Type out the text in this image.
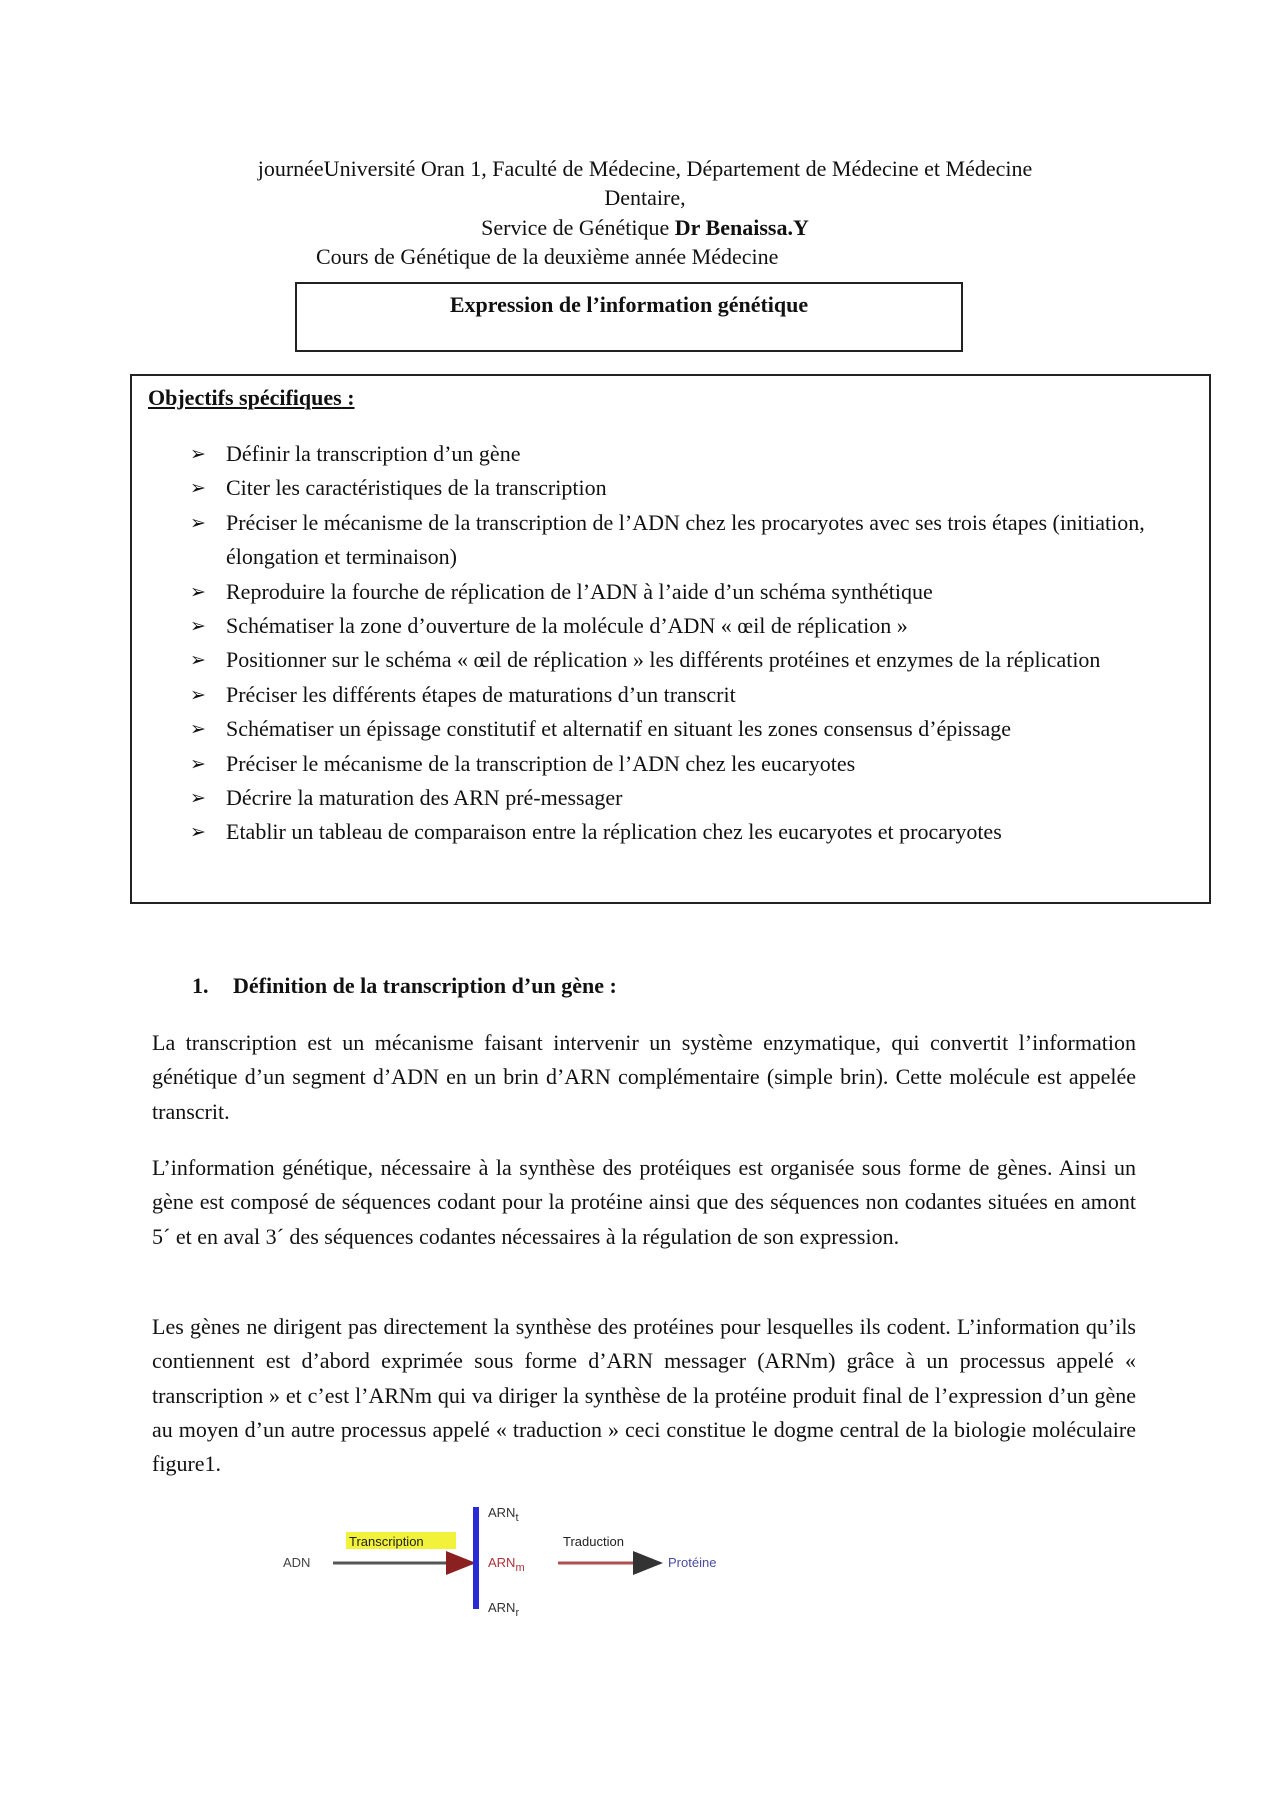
journéeUniversité Oran 1, Faculté de Médecine, Département de Médecine et Médecine
Dentaire,
Service de Génétique Dr Benaissa.Y
Cours de Génétique de la deuxième année Médecine
Expression de l’information génétique
Objectifs spécifiques :
➢ Définir la transcription d’un gène
➢ Citer les caractéristiques de la transcription
➢ Préciser le mécanisme de la transcription de l’ADN chez les procaryotes avec ses trois étapes (initiation, élongation et terminaison)
➢ Reproduire la fourche de réplication de l’ADN à l’aide d’un schéma synthétique
➢ Schématiser la zone d’ouverture de la molécule d’ADN « œil de réplication »
➢ Positionner sur le schéma « œil de réplication » les différents protéines et enzymes de la réplication
➢ Préciser les différents étapes de maturations d’un transcrit
➢ Schématiser un épissage constitutif et alternatif en situant les zones consensus d’épissage
➢ Préciser le mécanisme de la transcription de l’ADN chez les eucaryotes
➢ Décrire la maturation des ARN pré-messager
➢ Etablir un tableau de comparaison entre la réplication chez les eucaryotes et procaryotes
1. Définition de la transcription d’un gène :

La transcription est un mécanisme faisant intervenir un système enzymatique, qui convertit l’information génétique d’un segment d’ADN en un brin d’ARN complémentaire (simple brin). Cette molécule est appelée transcrit.

L’information génétique, nécessaire à la synthèse des protéiques est organisée sous forme de gènes. Ainsi un gène est composé de séquences codant pour la protéine ainsi que des séquences non codantes situées en amont 5´ et en aval 3´ des séquences codantes nécessaires à la régulation de son expression.

Les gènes ne dirigent pas directement la synthèse des protéines pour lesquelles ils codent. L’information qu’ils contiennent est d’abord exprimée sous forme d’ARN messager (ARNm) grâce à un processus appelé « transcription » et c’est l’ARNm qui va diriger la synthèse de la protéine produit final de l’expression d’un gène au moyen d’un autre processus appelé « traduction » ceci constitue le dogme central de la biologie moléculaire figure1.

ADN
Transcription
$ARN_t$
$ARN_m$
$ARN_r$
Traduction
Protéine
